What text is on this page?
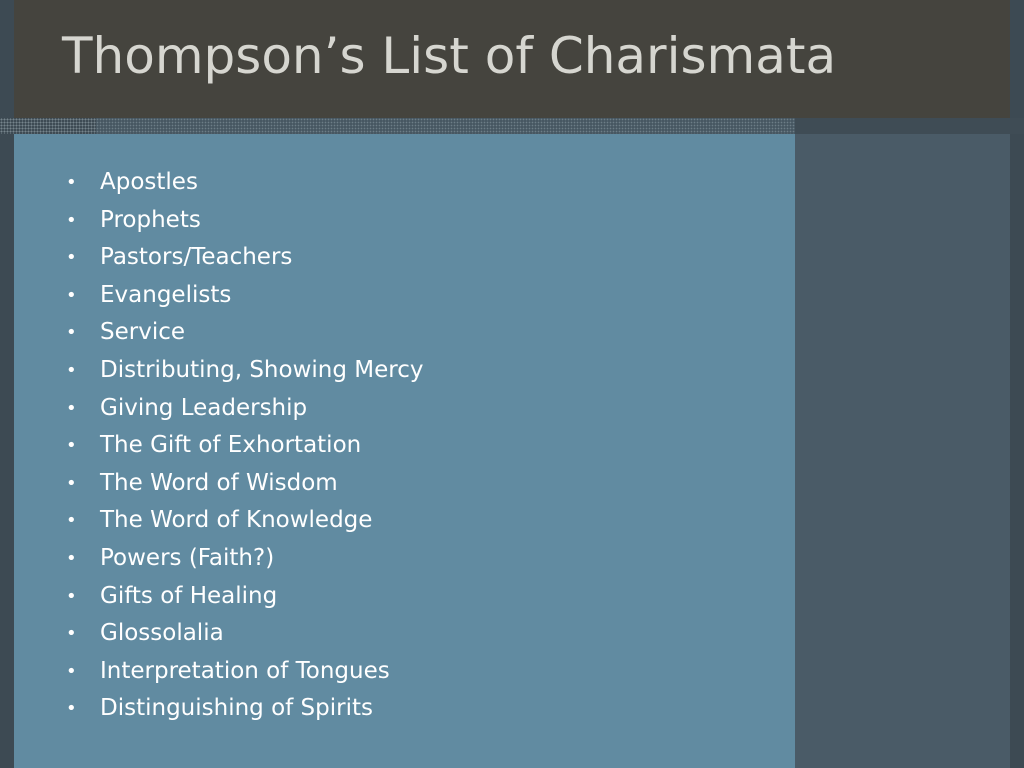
Thompson’s List of Charismata
• Apostles
• Prophets
• Pastors/Teachers
• Evangelists
• Service
• Distributing, Showing Mercy
• Giving Leadership
• The Gift of Exhortation
• The Word of Wisdom
• The Word of Knowledge
• Powers (Faith?)
• Gifts of Healing
• Glossolalia
• Interpretation of Tongues
• Distinguishing of Spirits
